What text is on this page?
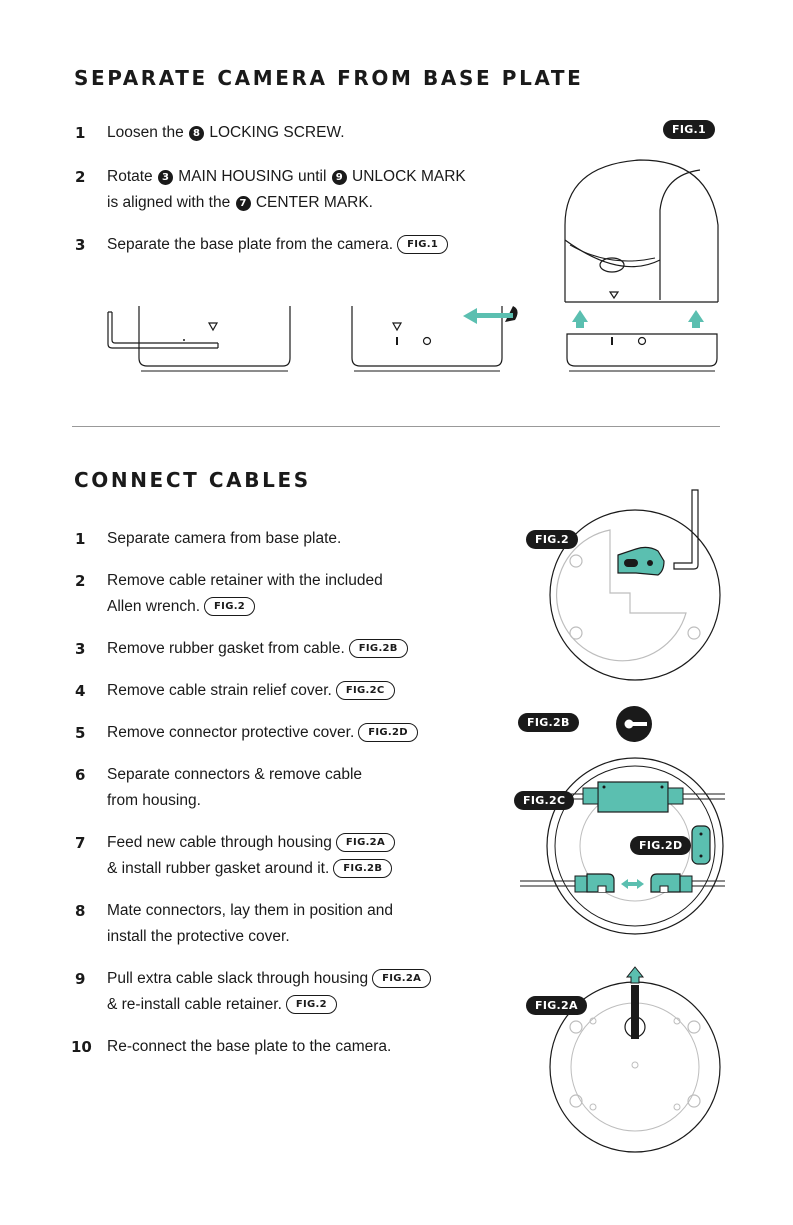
SEPARATE CAMERA FROM BASE PLATE
1	Loosen the 8 LOCKING SCREW.
2	Rotate 3 MAIN HOUSING until 9 UNLOCK MARK
is aligned with the 7 CENTER MARK.
3	Separate the base plate from the camera. FIG.1
FIG.1
CONNECT CABLES
1	Separate camera from base plate.
2	Remove cable retainer with the included
Allen wrench. FIG.2
3	Remove rubber gasket from cable. FIG.2B
4	Remove cable strain relief cover. FIG.2C
5	Remove connector protective cover. FIG.2D
6	Separate connectors & remove cable
from housing.
7	Feed new cable through housing FIG.2A
& install rubber gasket around it. FIG.2B
8	Mate connectors, lay them in position and
install the protective cover.
9	Pull extra cable slack through housing FIG.2A
& re-install cable retainer. FIG.2
10 Re-connect the base plate to the camera.
FIG.2
FIG.2B
FIG.2C
FIG.2D
FIG.2A
